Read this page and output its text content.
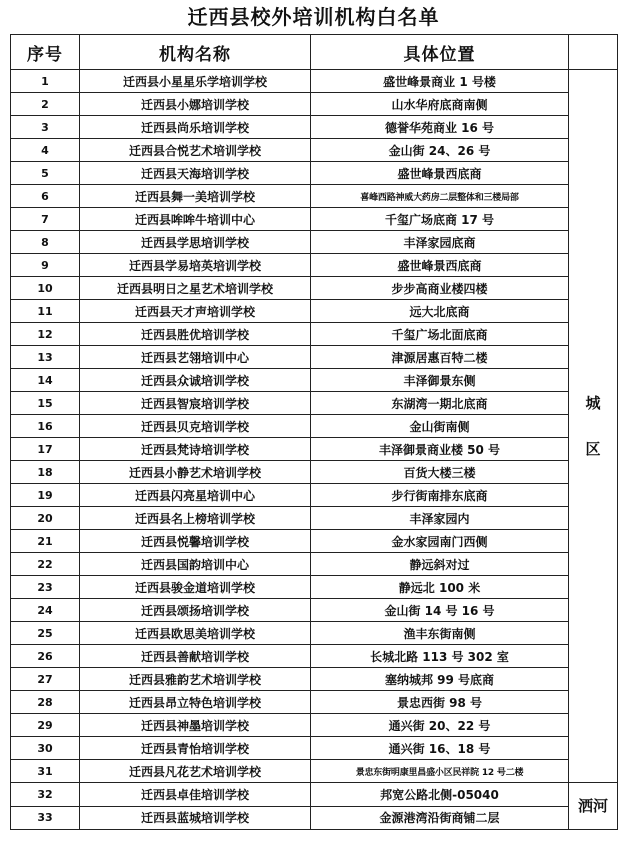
迁西县校外培训机构白名单
序号	机构名称	具体位置	
1	迁西县小星星乐学培训学校	盛世峰景商业 1 号楼	城
区

2	迁西县小娜培训学校	山水华府底商南侧	
3	迁西县尚乐培训学校	德誉华苑商业 16 号	
4	迁西县合悦艺术培训学校	金山街 24、26 号	
5	迁西县天海培训学校	盛世峰景西底商	
6	迁西县舞一美培训学校	喜峰西路神威大药房二层整体和三楼局部	
7	迁西县哞哞牛培训中心	千玺广场底商 17 号	
8	迁西县学思培训学校	丰泽家园底商	
9	迁西县学易培英培训学校	盛世峰景西底商	
10	迁西县明日之星艺术培训学校	步步高商业楼四楼	
11	迁西县天才声培训学校	远大北底商	
12	迁西县胜优培训学校	千玺广场北面底商	
13	迁西县艺翎培训中心	津源居惠百特二楼	
14	迁西县众诚培训学校	丰泽御景东侧	
15	迁西县智宸培训学校	东湖湾一期北底商	
16	迁西县贝克培训学校	金山街南侧	
17	迁西县梵诗培训学校	丰泽御景商业楼 50 号	
18	迁西县小静艺术培训学校	百货大楼三楼	
19	迁西县闪亮星培训中心	步行街南排东底商	
20	迁西县名上榜培训学校	丰泽家园内	
21	迁西县悦馨培训学校	金水家园南门西侧	
22	迁西县国韵培训中心	静远斜对过	
23	迁西县骏金道培训学校	静远北 100 米	
24	迁西县颂扬培训学校	金山街 14 号 16 号	
25	迁西县欧思美培训学校	渔丰东街南侧	
26	迁西县善献培训学校	长城北路 113 号 302 室	
27	迁西县雅韵艺术培训学校	塞纳城邦 99 号底商	
28	迁西县昂立特色培训学校	景忠西街 98 号	
29	迁西县神墨培训学校	通兴街 20、22 号	
30	迁西县青怡培训学校	通兴街 16、18 号	
31	迁西县凡花艺术培训学校	景忠东街明康里昌盛小区民祥院 12 号二楼	
32	迁西县卓佳培训学校	邦宽公路北侧-05040	洒河
33	迁西县蓝城培训学校	金源港湾沿街商铺二层	
